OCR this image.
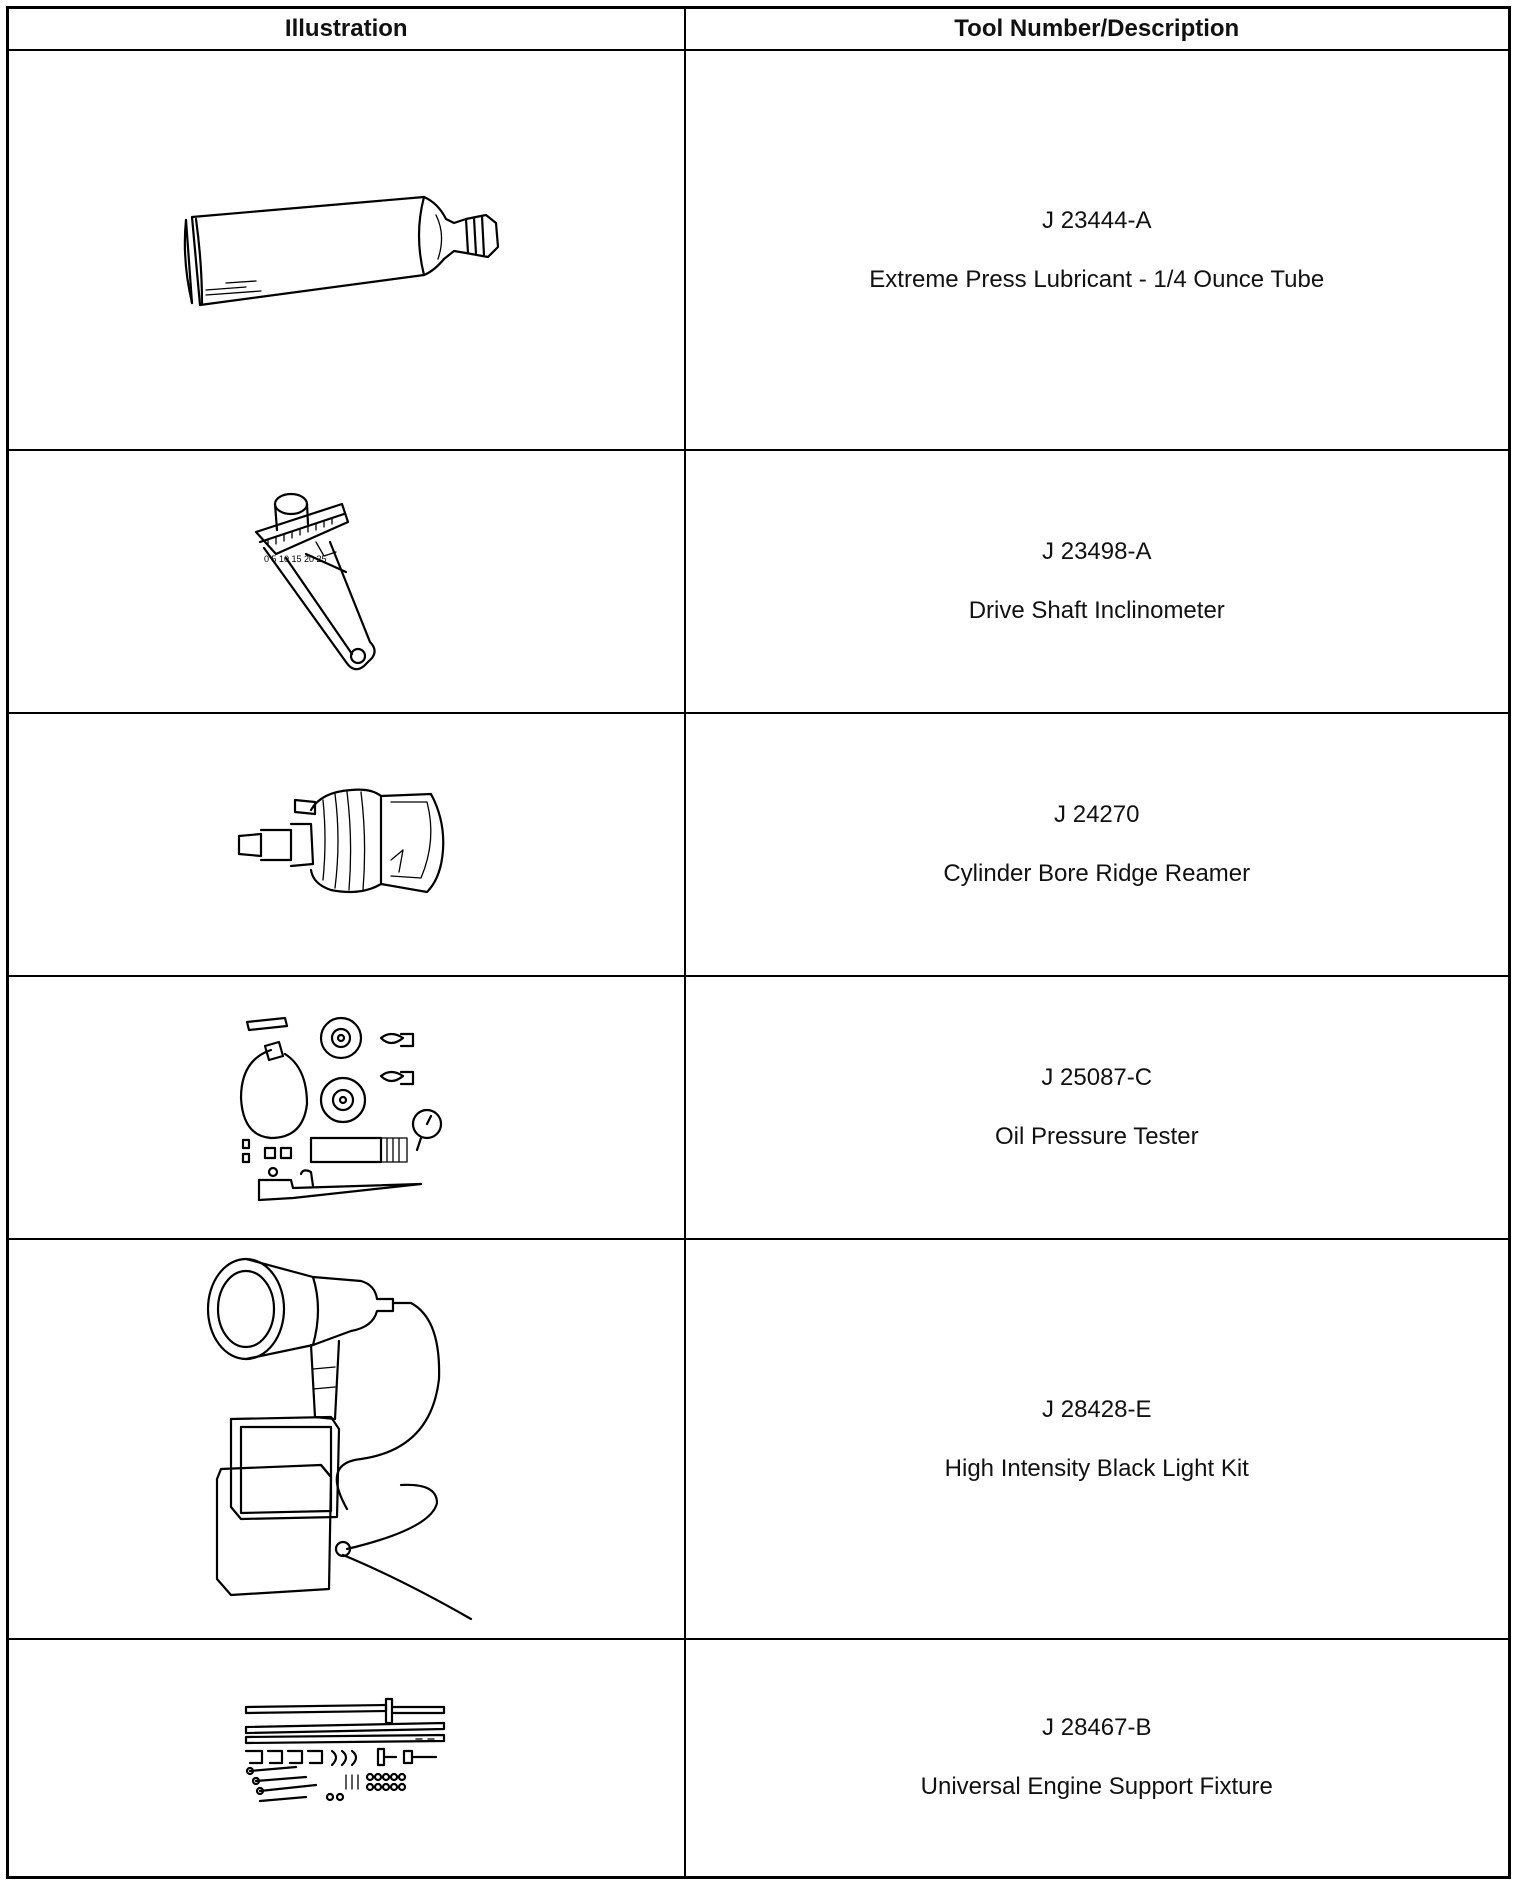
Illustration	Tool Number/Description

J 23444-A
Extreme Press Lubricant - 1/4 Ounce Tube

0 5 10 15 20 25	J 23498-A
Drive Shaft Inclinometer

J 24270
Cylinder Bore Ridge Reamer

J 25087-C
Oil Pressure Tester

J 28428-E
High Intensity Black Light Kit

J 28467-B
Universal Engine Support Fixture
